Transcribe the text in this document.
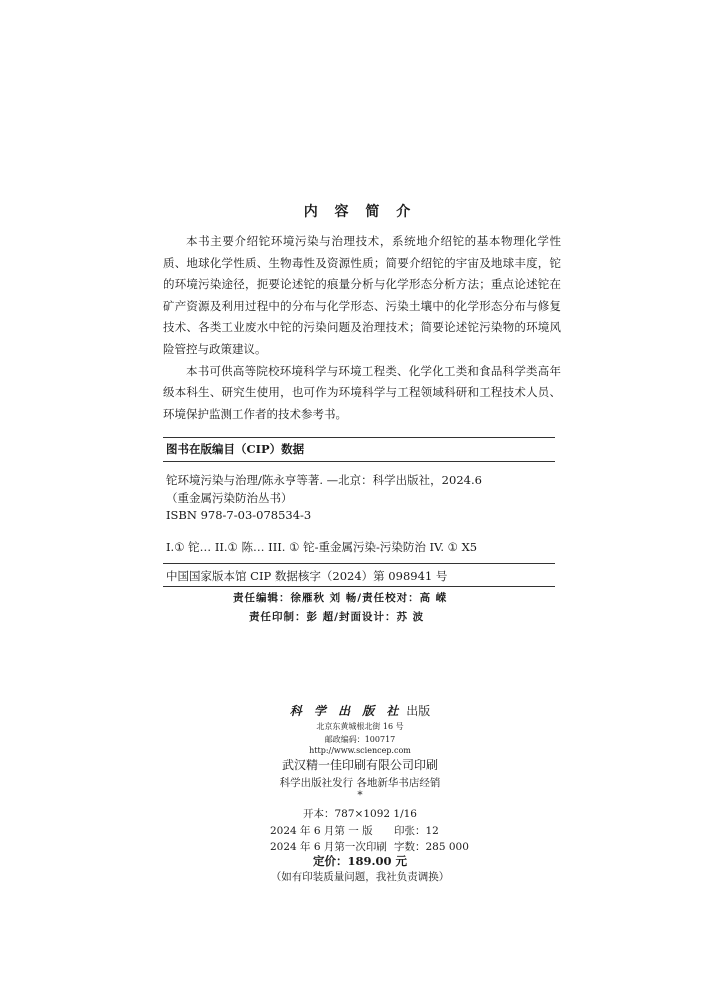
内 容 简 介

本书主要介绍铊环境污染与治理技术，系统地介绍铊的基本物理化学性质、地球化学性质、生物毒性及资源性质；简要介绍铊的宇宙及地球丰度，铊的环境污染途径，扼要论述铊的痕量分析与化学形态分析方法；重点论述铊在矿产资源及利用过程中的分布与化学形态、污染土壤中的化学形态分布与修复技术、各类工业废水中铊的污染问题及治理技术；简要论述铊污染物的环境风险管控与政策建议。

本书可供高等院校环境科学与环境工程类、化学化工类和食品科学类高年级本科生、研究生使用，也可作为环境科学与工程领域科研和工程技术人员、环境保护监测工作者的技术参考书。

图书在版编目（CIP）数据
铊环境污染与治理/陈永亨等著. —北京：科学出版社，2024.6
（重金属污染防治丛书）
ISBN 978-7-03-078534-3
I.① 铊… II.① 陈… III. ① 铊-重金属污染-污染防治 IV. ① X5
中国国家版本馆 CIP 数据核字（2024）第 098941 号
责任编辑：徐雁秋 刘 畅/责任校对：高 嵘
责任印制：彭 超/封面设计：苏 波
科 学 出 版 社 出版
北京东黄城根北街 16 号
邮政编码：100717
http://www.sciencep.com
武汉精一佳印刷有限公司印刷
科学出版社发行 各地新华书店经销
*
开本：787×1092 1/16
2024 年 6 月第 一 版 印张：12
2024 年 6 月第一次印刷 字数：285 000
定价：189.00 元
（如有印装质量问题，我社负责调换）
